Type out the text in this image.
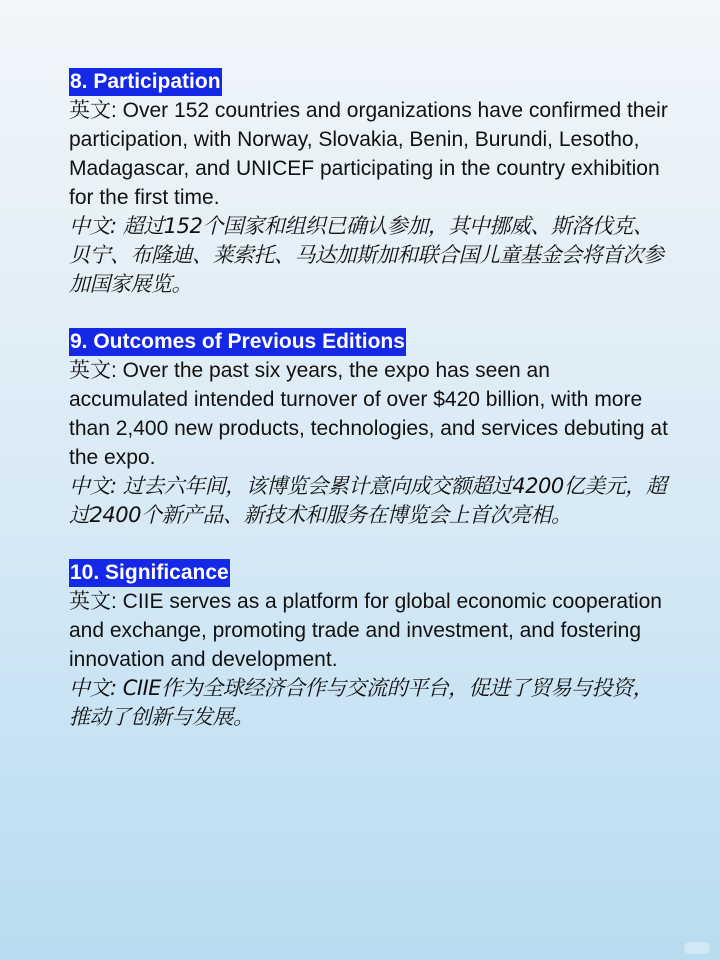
8. Participation

英文: Over 152 countries and organizations have confirmed their participation, with Norway, Slovakia, Benin, Burundi, Lesotho, Madagascar, and UNICEF participating in the country exhibition for the first time.

中文: 超过152个国家和组织已确认参加，其中挪威、斯洛伐克、贝宁、布隆迪、莱索托、马达加斯加和联合国儿童基金会将首次参加国家展览。

9. Outcomes of Previous Editions

英文: Over the past six years, the expo has seen an accumulated intended turnover of over $420 billion, with more than 2,400 new products, technologies, and services debuting at the expo.

中文: 过去六年间，该博览会累计意向成交额超过4200亿美元，超过2400个新产品、新技术和服务在博览会上首次亮相。

10. Significance

英文: CIIE serves as a platform for global economic cooperation and exchange, promoting trade and investment, and fostering innovation and development.

中文: CIIE作为全球经济合作与交流的平台，促进了贸易与投资，推动了创新与发展。
